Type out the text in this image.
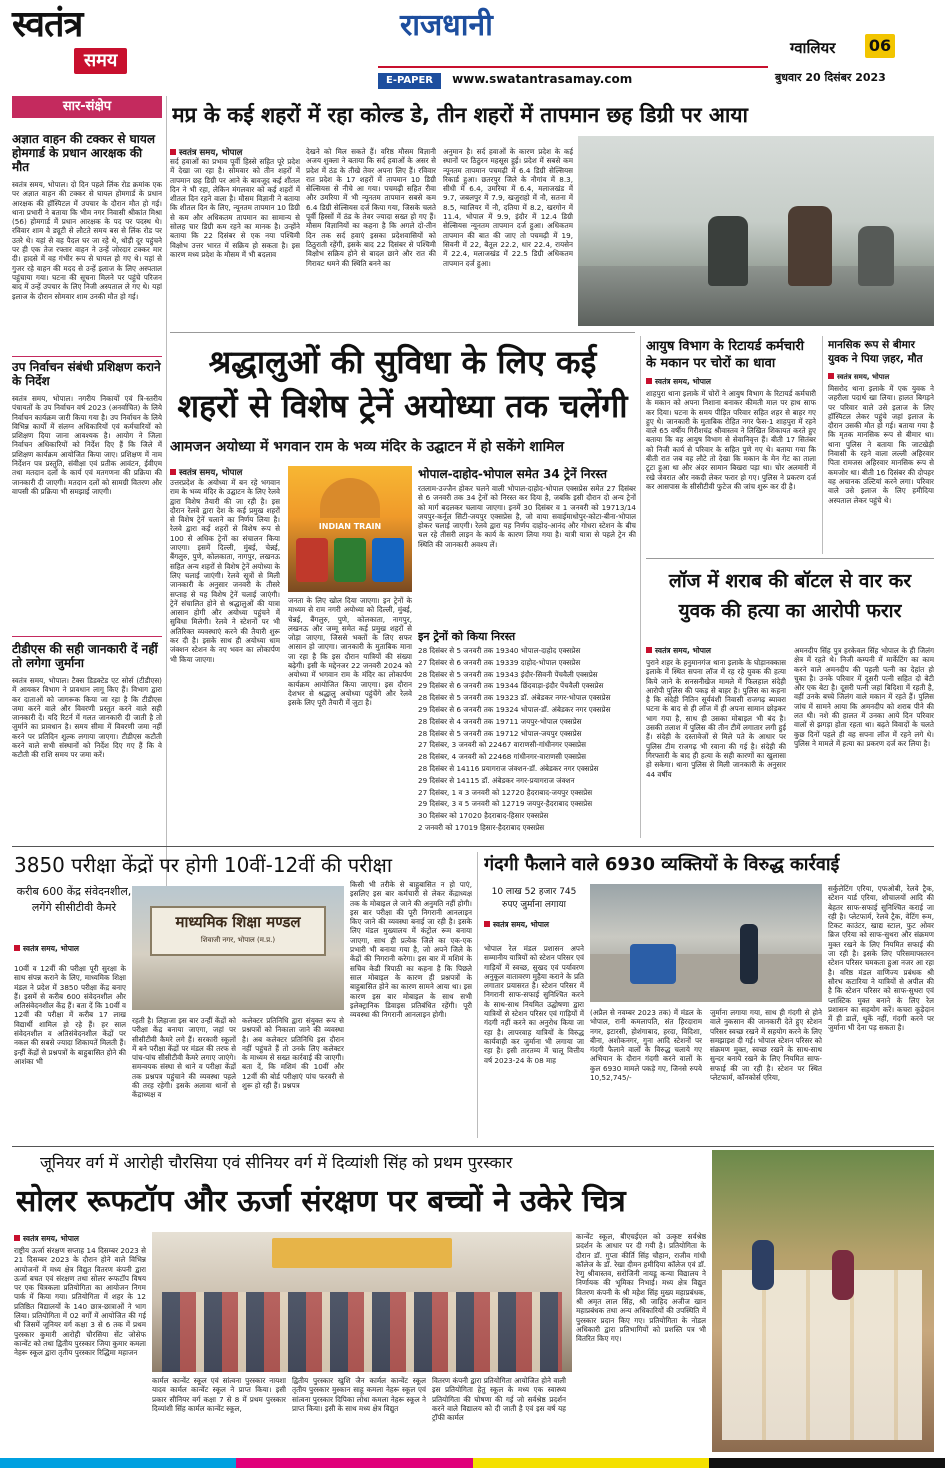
स्वतंत्र
समय
राजधानी
E-PAPER www.swatantrasamay.com
ग्वालियर 06
बुधवार 20 दिसंबर 2023
सार-संक्षेप
अज्ञात वाहन की टक्कर से घायल होमगार्ड के प्रधान आरक्षक की मौत
स्वतंत्र समय, भोपाल। दो दिन पहले लिंक रोड क्रमांक एक पर अज्ञात वाहन की टक्कर से घायल होमगार्ड के प्रधान आरक्षक की हॉस्पिटल में उपचार के दौरान मौत हो गई। थाना प्रभारी ने बताया कि भीम नगर निवासी श्रीकांत मिश्रा (56) होमगार्ड में प्रधान आरक्षक के पद पर पदस्थ थे। रविवार शाम वे ड्यूटी से लौटते समय बस से लिंक रोड पर उतरे थे। यहां से वह पैदल घर जा रहे थे, थोड़ी दूर पहुंचने पर ही एक तेज रफ्तार वाहन ने उन्हें जोरदार टक्कर मार दी। हादसे में वह गंभीर रूप से घायल हो गए थे। यहां से गुजर रहे वाहन की मदद से उन्हें इलाज के लिए अस्पताल पहुंचाया गया। घटना की सूचना मिलने पर पहुंचे परिजन बाद में उन्हें उपचार के लिए निजी अस्पताल ले गए थे। यहां इलाज के दौरान सोमवार शाम उनकी मौत हो गई।
उप निर्वाचन संबंधी प्रशिक्षण कराने के निर्देश
स्वतंत्र समय, भोपाल। नगरीय निकायों एवं त्रि-स्तरीय पंचायतों के उप निर्वाचन वर्ष 2023 (अनर्वाचित) के लिये निर्वाचन कार्यक्रम जारी किया गया है। उप निर्वाचन के लिये विभिन्न कार्यों में संलग्न अधिकारियों एवं कर्मचारियों को प्रशिक्षण दिया जाना आवश्यक है। आयोग ने जिला निर्वाचन अधिकारियों को निर्देश दिए हैं कि जिले में प्रशिक्षण कार्यक्रम आयोजित किया जाए। प्रशिक्षण में नाम निर्देशन पत्र प्रस्तुति, संवीक्षा एवं प्रतीक आवंटन, ईवीएम तथा मतदान दलों के कार्य एवं मतगणना की प्रक्रिया की जानकारी दी जाएगी। मतदान दलों को सामग्री वितरण और वापसी की प्रक्रिया भी समझाई जाएगी।
टीडीएस की सही जानकारी दें नहीं तो लगेगा जुर्माना
स्वतंत्र समय, भोपाल। टैक्स डिडक्टेड एट सोर्स (टीडीएस) में आयकर विभाग ने प्रावधान लागू किए हैं। विभाग द्वारा कर दाताओं को जागरूक किया जा रहा है कि टीडीएस जमा करने वाले और विवरणी प्रस्तुत करने वाले सही जानकारी दें। यदि रिटर्न में गलत जानकारी दी जाती है तो जुर्माने का प्रावधान है। समय सीमा में विवरणी जमा नहीं करने पर प्रतिदिन शुल्क लगाया जाएगा। टीडीएस कटौती करने वाले सभी संस्थानों को निर्देश दिए गए हैं कि वे कटौती की राशि समय पर जमा करें।
मप्र के कई शहरों में रहा कोल्ड डे, तीन शहरों में तापमान छह डिग्री पर आया
स्वतंत्र समय, भोपाल
सर्द हवाओं का प्रभाव पूर्वी हिस्से सहित पूरे प्रदेश में देखा जा रहा है। सोमवार को तीन शहरों में तापमान छह डिग्री पर आने के बावजूद कई शीतल दिन ने भी रहा, लेकिन मंगलवार को कई शहरों में शीतल दिन रहने वाला है। मौसम विज्ञानी ने बताया कि शीतल दिन के लिए, न्यूनतम तापमान 10 डिग्री से कम और अधिकतम तापमान का सामान्य से सोलह चार डिग्री कम रहने का मानक है। उन्होंने बताया कि 22 दिसंबर से एक नया पश्चिमी विक्षोभ उत्तर भारत में सक्रिय हो सकता है। इस कारण मध्य प्रदेश के मौसम में भी बदलाव
देखने को मिल सकते हैं। वरिष्ठ मौसम विज्ञानी अजय शुक्ला ने बताया कि सर्द हवाओं के असर से प्रदेश में ठंड के तीखे तेवर अपना लिए हैं। रविवार रात प्रदेश के 17 शहरों में तापमान 10 डिग्री सेल्सियस से नीचे आ गया। पचमढ़ी सहित रीवा और उमरिया में भी न्यूनतम तापमान सबसे कम 6.4 डिग्री सेल्सियस दर्ज किया गया, जिसके चलते पूर्वी हिस्सों में ठंड के तेवर ज्यादा सख्त हो गए हैं। मौसम विज्ञानियों का कहना है कि अगले दो-तीन दिन तक सर्द हवाएं इसका प्रदेशवासियों को ठिठुराती रहेंगी, इसके बाद 22 दिसंबर से पश्चिमी विक्षोभ सक्रिय होने से बादल छाने और रात की गिरावट थमने की स्थिति बनने का
अनुमान है। सर्द हवाओं के कारण प्रदेश के कई स्थानों पर ठिठुरन महसूस हुई। प्रदेश में सबसे कम न्यूनतम तापमान पचमढ़ी में 6.4 डिग्री सेल्सियस रिकार्ड हुआ। छतरपुर जिले के नौगांव में 8.3, सीधी में 6.4, उमरिया में 6.4, मलाजखंड में 9.7, जबलपुर में 7.9, खजुराहो में नौ, सतना में 8.5, ग्वालियर में नौ, दतिया में 8.2, खरगोन में 11.4, भोपाल में 9.9, इंदौर में 12.4 डिग्री सेल्सियस न्यूनतम तापमान दर्ज हुआ। अधिकतम तापमान की बात की जाए तो पचमढ़ी में 19, सिवनी में 22, बैतूल 22.2, धार 22.4, रायसेन में 22.4, मलाजखंड में 22.5 डिग्री अधिकतम तापमान दर्ज हुआ।
श्रद्धालुओं की सुविधा के लिए कई
शहरों से विशेष ट्रेनें अयोध्या तक चलेंगी
आमजन अयोध्या में भगवान राम के भव्य मंदिर के उद्घाटन में हो सकेंगे शामिल
स्वतंत्र समय, भोपाल
उत्तरप्रदेश के अयोध्या में बन रहे भगवान राम के भव्य मंदिर के उद्घाटन के लिए रेलवे द्वारा विशेष तैयारी की जा रही है। इस दौरान रेलवे द्वारा देश के कई प्रमुख शहरों से विशेष ट्रेनें चलाने का निर्णय लिया है। रेलवे द्वारा कई शहरों से विशेष रूप से 100 से अधिक ट्रेनों का संचालन किया जाएगा। इसमें दिल्ली, मुंबई, चेन्नई, बैंगलुरु, पुणे, कोलकाता, नागपुर, लखनऊ सहित अन्य शहरों से विशेष ट्रेनें अयोध्या के लिए चलाई जाएंगी। रेलवे सूत्रों से मिली जानकारी के अनुसार जनवरी के तीसरे सप्ताह से यह विशेष ट्रेनें चलाई जाएंगी। ट्रेनें संचालित होने से श्रद्धालुओं की यात्रा आसान होगी और अयोध्या पहुंचने में सुविधा मिलेगी। रेलवे ने स्टेशनों पर भी अतिरिक्त व्यवस्थाएं करने की तैयारी शुरू कर दी है। इसके साथ ही अयोध्या धाम जंक्शन स्टेशन के नए भवन का लोकार्पण भी किया जाएगा।
INDIAN TRAIN
जनता के लिए खोल दिया जाएगा। इन ट्रेनों के माध्यम से राम नगरी अयोध्या को दिल्ली, मुंबई, चेन्नई, बैंगलुरु, पुणे, कोलकाता, नागपुर, लखनऊ और जम्मू समेत कई प्रमुख शहरों से जोड़ा जाएगा, जिससे भक्तों के लिए सफर आसान हो जाएगा। जानकारी के मुताबिक माना जा रहा है कि इस दौरान यात्रियों की संख्या बढ़ेगी। इसी के मद्देनजर 22 जनवरी 2024 को अयोध्या में भगवान राम के मंदिर का लोकार्पण कार्यक्रम आयोजित किया जाएगा। इस दौरान देशभर से श्रद्धालु अयोध्या पहुंचेंगे और रेलवे इसके लिए पूरी तैयारी में जुटा है।
भोपाल-दाहोद-भोपाल समेत 34 ट्रेनें निरस्त
रतलाम-उज्जैन होकर चलने वाली भोपाल-दाहोद-भोपाल एक्सप्रेस समेत 27 दिसंबर से 6 जनवरी तक 34 ट्रेनों को निरस्त कर दिया है, जबकि इसी दौरान दो अन्य ट्रेनों को मार्ग बदलकर चलाया जाएगा। इनमें 30 दिसंबर व 1 जनवरी को 19713/14 जयपुर-कर्नूल सिटी-जयपुर एक्सप्रेस है, जो वाया सवाईमाधोपुर-कोटा-बीना-भोपाल होकर चलाई जाएगी। रेलवे द्वारा यह निर्णय दाहोद-आनंद और गोधरा स्टेशन के बीच चल रहे तीसरी लाइन के कार्य के कारण लिया गया है। यात्री यात्रा से पहले ट्रेन की स्थिति की जानकारी अवश्य लें।
इन ट्रेनों को किया निरस्त
28 दिसंबर से 5 जनवरी तक 19340 भोपाल-दाहोद एक्सप्रेस
27 दिसंबर से 6 जनवरी तक 19339 दाहोद-भोपाल एक्सप्रेस
28 दिसंबर से 5 जनवरी तक 19343 इंदौर-सिवनी पेंचवैली एक्सप्रेस
29 दिसंबर से 6 जनवरी तक 19344 छिंदवाड़ा-इंदौर पेंचवैली एक्सप्रेस
28 दिसंबर से 5 जनवरी तक 19323 डॉ. अंबेडकर नगर-भोपाल एक्सप्रेस
29 दिसंबर से 6 जनवरी तक 19324 भोपाल-डॉ. अंबेडकर नगर एक्सप्रेस
28 दिसंबर से 4 जनवरी तक 19711 जयपुर-भोपाल एक्सप्रेस
28 दिसंबर से 5 जनवरी तक 19712 भोपाल-जयपुर एक्सप्रेस
27 दिसंबर, 3 जनवरी को 22467 वाराणसी-गांधीनगर एक्सप्रेस
28 दिसंबर, 4 जनवरी को 22468 गांधीनगर-वाराणसी एक्सप्रेस
28 दिसंबर से 14116 प्रयागराज जंक्शन-डॉ. अंबेडकर नगर एक्सप्रेस
29 दिसंबर से 14115 डॉ. अंबेडकर नगर-प्रयागराज जंक्शन
27 दिसंबर, 1 व 3 जनवरी को 12720 हैदराबाद-जयपुर एक्सप्रेस
29 दिसंबर, 3 व 5 जनवरी को 12719 जयपुर-हैदराबाद एक्सप्रेस
30 दिसंबर को 17020 हैदराबाद-हिसार एक्सप्रेस
2 जनवरी को 17019 हिसार-हैदराबाद एक्सप्रेस
आयुष विभाग के रिटायर्ड कर्मचारी के मकान पर चोरों का धावा
स्वतंत्र समय, भोपाल
शाहपुरा थाना इलाके में चोरों ने आयुष विभाग के रिटायर्ड कर्मचारी के मकान को अपना निशाना बनाकर कीमती माल पर हाथ साफ कर दिया। घटना के समय पीड़ित परिवार सहित शहर से बाहर गए हुए थे। जानकारी के मुताबिक रोहित नगर फेस-1 शाहपुरा में रहने वाले 65 वर्षीय गिरीशचंद्र श्रीवास्तव ने लिखित शिकायत करते हुए बताया कि वह आयुष विभाग से सेवानिवृत्त हैं। बीती 17 सितंबर को निजी कार्य से परिवार के सहित पुणे गए थे। बताया गया कि बीती रात जब वह लौटे तो देखा कि मकान के मेन गेट का ताला टूटा हुआ था और अंदर सामान बिखरा पड़ा था। चोर अलमारी में रखे जेवरात और नकदी लेकर फरार हो गए। पुलिस ने प्रकरण दर्ज कर आसपास के सीसीटीवी फुटेज की जांच शुरू कर दी है।
मानसिक रूप से बीमार युवक ने पिया ज़हर, मौत
स्वतंत्र समय, भोपाल
मिसरोद थाना इलाके में एक युवक ने जहरीला पदार्थ खा लिया। हालत बिगड़ने पर परिवार वाले उसे इलाज के लिए हॉस्पिटल लेकर पहुंचे जहां इलाज के दौरान उसकी मौत हो गई। बताया गया है कि मृतक मानसिक रूप से बीमार था। थाना पुलिस ने बताया कि जाटखेड़ी निवासी के रहने वाला लल्ली अहिरवार पिता रामजस अहिरवार मानसिक रूप से कमजोर था। बीती 16 दिसंबर की दोपहर वह अचानक उल्टियां करने लगा। परिवार वाले उसे इलाज के लिए हमीदिया अस्पताल लेकर पहुंचे थे।
लॉज में शराब की बॉटल से वार कर
युवक की हत्या का आरोपी फरार
स्वतंत्र समय, भोपाल
पुराने शहर के हनुमानगंज थाना इलाके के घोड़ानक्कास इलाके में स्थित सपना लॉज में रह रहे युवक की हत्या किये जाने के सनसनीखेज मामले में फिलहाल संदेही आरोपी पुलिस की पकड़ से बाहर है। पुलिस का कहना है कि संदेही नितिन सूर्यवंशी निवासी राजगढ़ ब्यावरा घटना के बाद से ही लॉज में ही अपना सामान छोड़कर भाग गया है, साथ ही उसका मोबाइल भी बंद है। उसकी तलाश में पुलिस की तीन टीमें लगातार लगी हुई हैं। संदेही के दस्तावेजों से मिले पते के आधार पर पुलिस टीम राजगढ़ भी रवाना की गई है। संदेही की गिरफ्तारी के बाद ही हत्या के सही कारणों का खुलासा हो सकेगा। थाना पुलिस से मिली जानकारी के अनुसार 44 वर्षीय
अमनदीप सिंह पुत्र हरकेवल सिंह भोपाल के ही जिलंग क्षेत्र में रहते थे। निजी कम्पनी में मार्केटिंग का काम करने वाले अमनदीप की पहली पत्नी का देहांत हो चुका है। उनके परिवार में दूसरी पत्नी सहित दो बेटी और एक बेटा है। दूसरी पत्नी जहां बिदिशा में रहती है, वहीं उनके बच्चे जिलंग वाले मकान में रहते हैं। पुलिस जांच में सामने आया कि अमनदीप को शराब पीने की लत थी। नशे की हालत में उनका आये दिन परिवार वालों से झगड़ा होता रहता था। बढ़ते विवादों के चलते कुछ दिनों पहले ही वह सपना लॉज में रहने लगे थे। पुलिस ने मामले में हत्या का प्रकरण दर्ज कर लिया है।
3850 परीक्षा केंद्रों पर होगी 10वीं-12वीं की परीक्षा
करीब 600 केंद्र संवेदनशील, लगेंगे सीसीटीवी कैमरे
स्वतंत्र समय, भोपाल
10वीं व 12वीं की परीक्षा पूरी सुरक्षा के साथ संपन्न कराने के लिए, माध्यमिक शिक्षा मंडल ने प्रदेश में 3850 परीक्षा केंद्र बनाए हैं। इसमें से करीब 600 संवेदनशील और अतिसंवेदनशील केंद्र हैं। बता दें कि 10वीं व 12वीं की परीक्षा में करीब 17 लाख विद्यार्थी शामिल हो रहे हैं। हर साल संवेदनशील व अतिसंवेदनशील केंद्रों पर नकल की सबसे ज्यादा शिकायतें मिलती हैं। इन्हीं केंद्रों से प्रश्नपत्रों के बाहुबासित होने की आशंका भी
माध्यमिक शिक्षा मण्डल
शिवाजी नगर, भोपाल (म.प्र.)
रहती है। लिहाजा इस बार उन्हीं केंद्रों को परीक्षा केंद्र बनाया जाएगा, जहां पर सीसीटीवी कैमरे लगे हैं। सरकारी स्कूलों में बने परीक्षा केंद्रों पर मंडल की तरफ से पांच-पांच सीसीटीवी कैमरे लगाए जाएंगे। समन्वयक संस्था से थाने व परीक्षा केंद्रों तक प्रश्नपत्र पहुंचाने की व्यवस्था पहले की तरह रहेगी। इसके अलावा थानों से केंद्राध्यक्ष व
कलेक्टर प्रतिनिधि द्वारा संयुक्त रूप से प्रश्नपत्रों को निकाला जाने की व्यवस्था है। अब कलेक्टर प्रतिनिधि इस दौरान नहीं पहुंचते हैं तो उनके लिए कलेक्टर के माध्यम से सख्त कार्रवाई की जाएगी। बता दें, कि मशिमं की 10वीं और 12वीं की बोर्ड परीक्षाएं पांच फरवरी से शुरू हो रही हैं। प्रश्नपत्र
किसी भी तरीके से बाहुबासित न हो पाएं, इसलिए इस बार कर्मचारी से लेकर केंद्राध्यक्ष तक के मोबाइल ले जाने की अनुमति नहीं होगी। इस बार परीक्षा की पूरी निगरानी आनलाइन किए जाने की व्यवस्था बनाई जा रही है। इसके लिए मंडल मुख्यालय में कंट्रोल रूम बनाया जाएगा, साथ ही प्रत्येक जिले का एक-एक प्रभारी भी बनाया गया है, जो अपने जिले के केंद्रों की निगरानी करेगा। इस बार में मशिमं के सचिव केडी त्रिपाठी का कहना है कि पिछले साल मोबाइल के कारण ही प्रश्नपत्रों के बाहुबासित होने का कारण सामने आया था। इस कारण इस बार मोबाइल के साथ सभी इलेक्ट्रानिक डिवाइस प्रतिबंधित रहेंगी। पूरी व्यवस्था की निगरानी आनलाइन होगी।
गंदगी फैलाने वाले 6930 व्यक्तियों के विरुद्ध कार्रवाई
10 लाख 52 हजार 745 रुपए जुर्माना लगाया
स्वतंत्र समय, भोपाल
भोपाल रेल मंडल प्रशासन अपने सम्मानीय यात्रियों को स्टेशन परिसर एवं गाड़ियों में स्वच्छ, सुखद एवं पर्यावरण अनुकूल वातावरण मुहैया कराने के प्रति लगातार प्रयासरत है। स्टेशन परिसर में निगरानी साफ-सफाई सुनिश्चित करने के साथ-साथ नियमित उद्घोषणा द्वारा यात्रियों से स्टेशन परिसर एवं गाड़ियों में गंदगी नहीं करने का अनुरोध किया जा रहा है। लापरवाह यात्रियों के विरुद्ध कार्यवाही कर जुर्माना भी लगाया जा रहा है। इसी तारतम्य में चालू वित्तीय वर्ष 2023-24 के 08 माह
(अप्रैल से नवम्बर 2023 तक) में मंडल के भोपाल, रानी कमलापति, संत हिरदाराम नगर, इटारसी, होशंगाबाद, हरदा, विदिशा, बीना, अशोकनगर, गुना आदि स्टेशनों पर गंदगी फैलाने वालों के विरुद्ध चलाये गए अभियान के दौरान गंदगी करने वालों के कुल 6930 मामले पकड़े गए, जिनसे रुपये 10,52,745/-
जुर्माना लगाया गया, साथ ही गंदगी से होने वाले नुकसान की जानकारी देते हुए स्टेशन परिसर स्वच्छ रखने में सहयोग करने के लिए समझाइश दी गई। भोपाल स्टेशन परिसर को संक्रमण मुक्त, स्वच्छ रखने के साथ-साथ सुन्दर बनाये रखने के लिए नियमित साफ-सफाई की जा रही है। स्टेशन पर स्थित प्लेटफार्म, कॉनकोर्स एरिया,
सर्कुलेटिंग एरिया, एफओबी, रेलवे ट्रैक, स्टेशन यार्ड एरिया, शौचालयों आदि की बेहतर साफ-सफाई सुनिश्चित कराई जा रही है। प्लेटफार्म, रेलवे ट्रैक, वेटिंग रूम, टिकट काउंटर, खाद्य स्टाल, फुट ओवर ब्रिज एरिया को साफ-सुथरा और संक्रमण मुक्त रखने के लिए नियमित सफाई की जा रही है। इसके लिए परिसमापस्तरन स्टेशन परिसर चमकता हुआ नजर आ रहा है। वरिष्ठ मंडल वाणिज्य प्रबंधक श्री सौरभ कटारिया ने यात्रियों से अपील की है कि स्टेशन परिसर को साफ-सुथरा एवं प्लास्टिक मुक्त बनाने के लिए रेल प्रशासन का सहयोग करें। कचरा कूड़ेदान में ही डालें, थूकें नहीं, गंदगी करने पर जुर्माना भी देना पड़ सकता है।
जूनियर वर्ग में आरोही चौरसिया एवं सीनियर वर्ग में दिव्यांशी सिंह को प्रथम पुरस्कार
सोलर रूफटॉप और ऊर्जा संरक्षण पर बच्चों ने उकेरे चित्र
स्वतंत्र समय, भोपाल
राष्ट्रीय ऊर्जा संरक्षण सप्ताह 14 दिसम्बर 2023 से 21 दिसम्बर 2023 के दौरान होने वाले विभिन्न आयोजनों में मध्य क्षेत्र विद्युत वितरण कंपनी द्वारा ऊर्जा बचत एवं संरक्षण तथा सोलर रूफटॉप विषय पर एक चित्रकला प्रतियोगिता का आयोजन निगम पार्क में किया गया। प्रतियोगिता में शहर के 12 प्रतिष्ठित विद्यालयों के 140 छात्र-छात्राओं ने भाग लिया। प्रतियोगिता में 02 वर्गों में आयोजित की गई थी जिसमें जूनियर वर्ग कक्षा 3 से 6 तक में प्रथम पुरस्कार कुमारी आरोही चौरसिया सेंट जोसेफ कान्वेंट को तथा द्वितीय पुरस्कार जिया कुमार कमला नेहरू स्कूल द्वारा तृतीय पुरस्कार रिद्धिमा महाजन
कार्मल कान्वेंट स्कूल एवं सांत्वना पुरस्कार नायशा यादव कार्मल कान्वेंट स्कूल ने प्राप्त किया। इसी प्रकार सीनियर वर्ग कक्षा 7 से 8 में प्रथम पुरस्कार दिव्यांशी सिंह कार्मल कान्वेंट स्कूल,
द्वितीय पुरस्कार खुशि जैन कार्मल कान्वेंट स्कूल तृतीय पुरस्कार मुस्कान साहू कमला नेहरू स्कूल एवं सांत्वना पुरस्कार दिपिका लोधा कमला नेहरू स्कूल ने प्राप्त किया। इसी के साथ मध्य क्षेत्र विद्युत
वितरण कंपनी द्वारा प्रतियोगिता आयोजित होने वाली इस प्रतियोगिता हेतु स्कूल के मध्य एक स्वास्थ्य प्रतियोगिता की घोषणा की गई जो सर्वश्रेष्ठ प्रदर्शन करने वाले विद्यालय को दी जाती है एवं इस वर्ष यह ट्रॉफी कार्मल
कान्वेंट स्कूल, बीएचईएल को उत्कृष्ट सर्वश्रेष्ठ प्रदर्शन के आधार पर दी गयी है। प्रतियोगिता के दौरान डॉ. गुप्ता कीर्ति सिंह चौहान, राजीव गांधी कॉलेज के डॉ. रेखा दीमन हमीदिया कॉलेज एवं डॉ. रेणु श्रीवास्तव, सरोजिनी नायडू कन्या विद्यालय ने निर्णायक की भूमिका निभाई। मध्य क्षेत्र विद्युत वितरण कंपनी के श्री महेश सिंह मुख्य महाप्रबंधक, श्री अमृत लाल सिंह, श्री जाहिद अजीज खान महाप्रबंधक तथा अन्य अधिकारियों की उपस्थिति में पुरस्कार प्रदान किए गए। प्रतियोगिता के नोडल अधिकारी द्वारा प्रतिभागियों को प्रशस्ति पत्र भी वितरित किए गए।
